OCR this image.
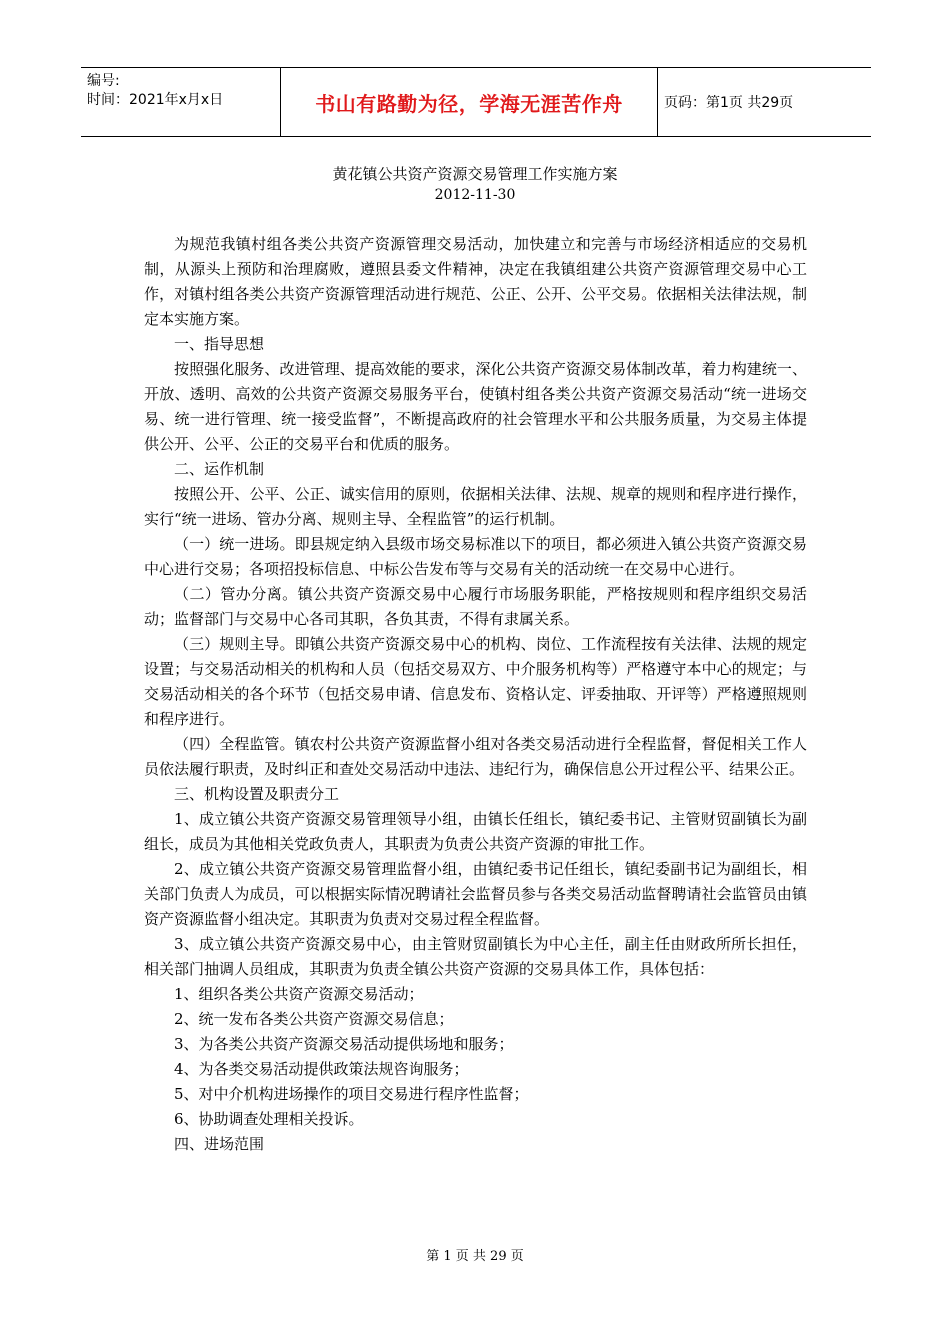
编号:
时间：2021年x月x日	书山有路勤为径，学海无涯苦作舟	页码：第1页 共29页
黄花镇公共资产资源交易管理工作实施方案
2012-11-30

为规范我镇村组各类公共资产资源管理交易活动，加快建立和完善与市场经济相适应的交易机制，从源头上预防和治理腐败，遵照县委文件精神，决定在我镇组建公共资产资源管理交易中心工作，对镇村组各类公共资产资源管理活动进行规范、公正、公开、公平交易。依据相关法律法规，制定本实施方案。

一、指导思想

按照强化服务、改进管理、提高效能的要求，深化公共资产资源交易体制改革，着力构建统一、开放、透明、高效的公共资产资源交易服务平台，使镇村组各类公共资产资源交易活动“统一进场交易、统一进行管理、统一接受监督”，不断提高政府的社会管理水平和公共服务质量，为交易主体提供公开、公平、公正的交易平台和优质的服务。

二、运作机制

按照公开、公平、公正、诚实信用的原则，依据相关法律、法规、规章的规则和程序进行操作，实行“统一进场、管办分离、规则主导、全程监管”的运行机制。

（一）统一进场。即县规定纳入县级市场交易标准以下的项目，都必须进入镇公共资产资源交易中心进行交易；各项招投标信息、中标公告发布等与交易有关的活动统一在交易中心进行。

（二）管办分离。镇公共资产资源交易中心履行市场服务职能，严格按规则和程序组织交易活动；监督部门与交易中心各司其职，各负其责，不得有隶属关系。

（三）规则主导。即镇公共资产资源交易中心的机构、岗位、工作流程按有关法律、法规的规定设置；与交易活动相关的机构和人员（包括交易双方、中介服务机构等）严格遵守本中心的规定；与交易活动相关的各个环节（包括交易申请、信息发布、资格认定、评委抽取、开评等）严格遵照规则和程序进行。

（四）全程监管。镇农村公共资产资源监督小组对各类交易活动进行全程监督，督促相关工作人员依法履行职责，及时纠正和查处交易活动中违法、违纪行为，确保信息公开过程公平、结果公正。

三、机构设置及职责分工

1、成立镇公共资产资源交易管理领导小组，由镇长任组长，镇纪委书记、主管财贸副镇长为副组长，成员为其他相关党政负责人，其职责为负责公共资产资源的审批工作。

2、成立镇公共资产资源交易管理监督小组，由镇纪委书记任组长，镇纪委副书记为副组长，相关部门负责人为成员，可以根据实际情况聘请社会监督员参与各类交易活动监督聘请社会监管员由镇资产资源监督小组决定。其职责为负责对交易过程全程监督。

3、成立镇公共资产资源交易中心，由主管财贸副镇长为中心主任，副主任由财政所所长担任，相关部门抽调人员组成，其职责为负责全镇公共资产资源的交易具体工作，具体包括：

1、组织各类公共资产资源交易活动；

2、统一发布各类公共资产资源交易信息；

3、为各类公共资产资源交易活动提供场地和服务；

4、为各类交易活动提供政策法规咨询服务；

5、对中介机构进场操作的项目交易进行程序性监督；

6、协助调查处理相关投诉。

四、进场范围

第 1 页 共 29 页
